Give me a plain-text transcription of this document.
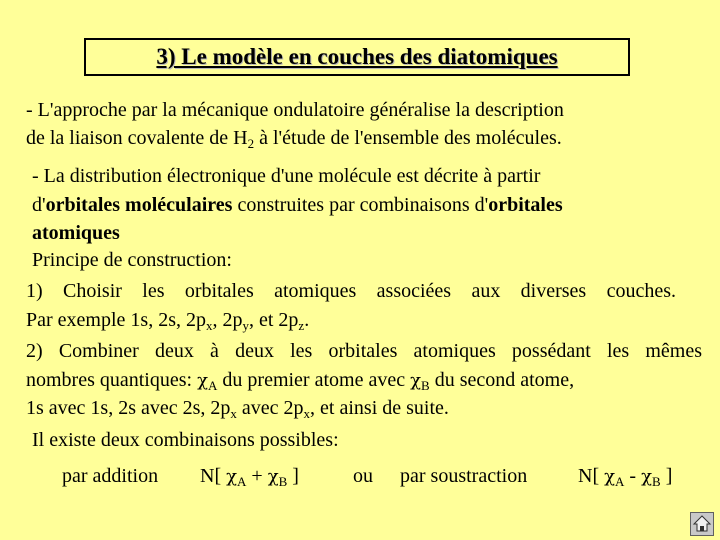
3) Le modèle en couches des diatomiques
- L'approche par la mécanique ondulatoire généralise la description
de la liaison covalente de $H_2$ à l'étude de l'ensemble des molécules.
- La distribution électronique d'une molécule est décrite à partir
d'orbitales moléculaires construites par combinaisons d'orbitales
atomiques
Principe de construction:
1) Choisir les orbitales atomiques associées aux diverses couches.
Par exemple 1s, 2s, $2p_x$, $2p_y$, et $2p_z$.
2) Combiner deux à deux les orbitales atomiques possédant les mêmes
nombres quantiques: $\chi_A$ du premier atome avec $\chi_B$ du second atome,
1s avec 1s, 2s avec 2s, $2p_x$ avec $2p_x$, et ainsi de suite.
Il existe deux combinaisons possibles:
par addition N[ $\chi_A + \chi_B$ ]	ou par soustraction	N[ $\chi_A - \chi_B$ ]
